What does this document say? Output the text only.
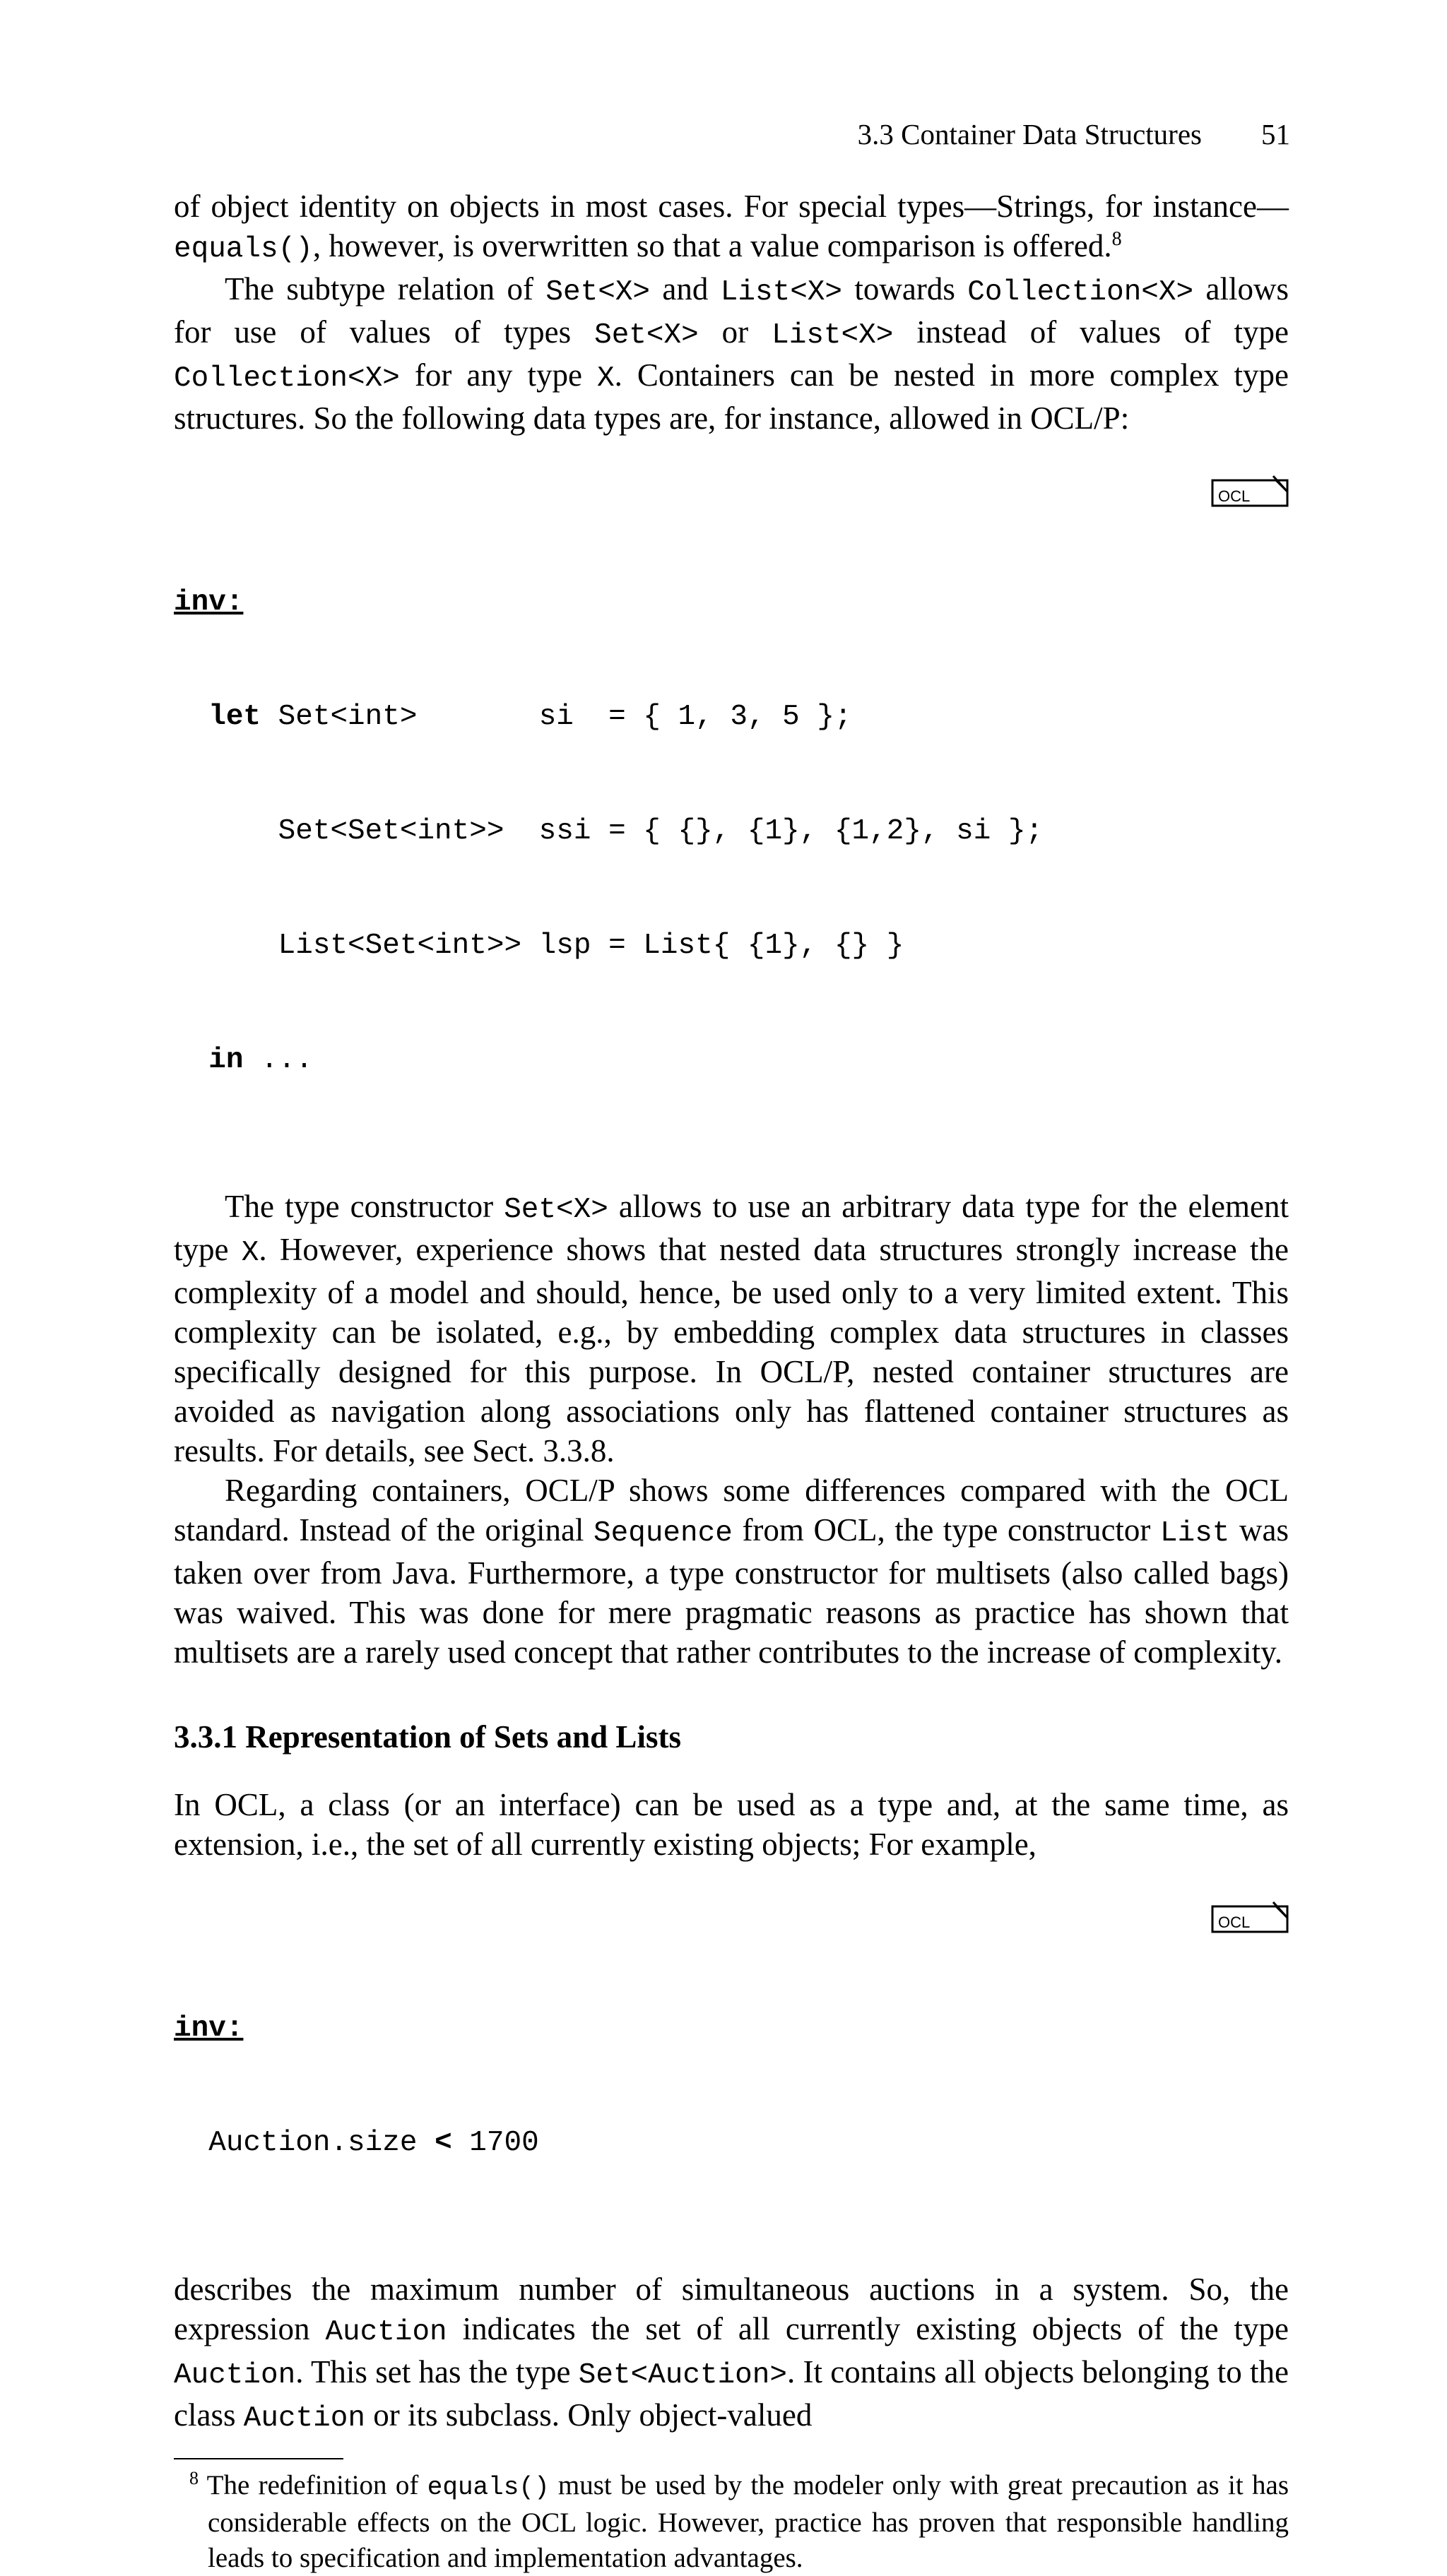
3.3 Container Data Structures 51

of object identity on objects in most cases. For special types—Strings, for instance—equals(), however, is overwritten so that a value comparison is offered.$^8$

The subtype relation of Set<X> and List<X> towards Collection<X> allows for use of values of types Set<X> or List<X> instead of values of type Collection<X> for any type X. Containers can be nested in more complex type structures. So the following data types are, for instance, allowed in OCL/P:

OCL

inv:

let Set<int>       si  = { 1, 3, 5 };

Set<Set<int>>  ssi = { {}, {1}, {1,2}, si };

List<Set<int>> lsp = List{ {1}, {} }

in ...

The type constructor Set<X> allows to use an arbitrary data type for the element type X. However, experience shows that nested data structures strongly increase the complexity of a model and should, hence, be used only to a very limited extent. This complexity can be isolated, e.g., by embedding complex data structures in classes specifically designed for this purpose. In OCL/P, nested container structures are avoided as navigation along associations only has flattened container structures as results. For details, see Sect. 3.3.8.

Regarding containers, OCL/P shows some differences compared with the OCL standard. Instead of the original Sequence from OCL, the type constructor List was taken over from Java. Furthermore, a type constructor for multisets (also called bags) was waived. This was done for mere pragmatic reasons as practice has shown that multisets are a rarely used concept that rather contributes to the increase of complexity.

3.3.1 Representation of Sets and Lists

In OCL, a class (or an interface) can be used as a type and, at the same time, as extension, i.e., the set of all currently existing objects; For example,

OCL

inv:

Auction.size < 1700

describes the maximum number of simultaneous auctions in a system. So, the expression Auction indicates the set of all currently existing objects of the type Auction. This set has the type Set<Auction>. It contains all objects belonging to the class Auction or its subclass. Only object-valued

$^8$ The redefinition of equals() must be used by the modeler only with great precaution as it has considerable effects on the OCL logic. However, practice has proven that responsible handling leads to specification and implementation advantages.
